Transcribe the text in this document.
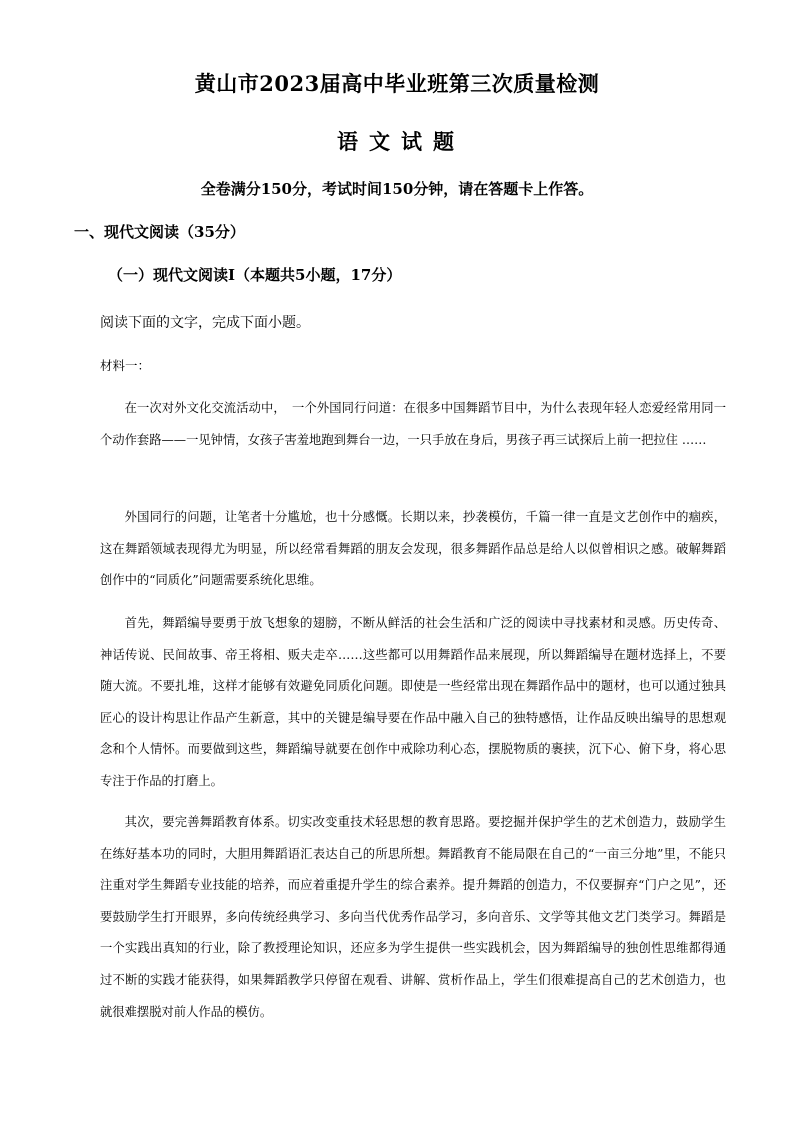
黄山市2023届高中毕业班第三次质量检测
语文试题

全卷满分150分，考试时间150分钟，请在答题卡上作答。

一、现代文阅读（35分）
（一）现代文阅读Ⅰ（本题共5小题，17分）

阅读下面的文字，完成下面小题。

材料一：

在一次对外文化交流活动中，　一个外国同行问道：在很多中国舞蹈节目中，为什么表现年轻人恋爱经常用同一个动作套路——一见钟情，女孩子害羞地跑到舞台一边，一只手放在身后，男孩子再三试探后上前一把拉住 ……

外国同行的问题，让笔者十分尴尬，也十分感慨。长期以来，抄袭模仿，千篇一律一直是文艺创作中的痼疾，这在舞蹈领域表现得尤为明显，所以经常看舞蹈的朋友会发现，很多舞蹈作品总是给人以似曾相识之感。破解舞蹈创作中的“同质化”问题需要系统化思维。

首先，舞蹈编导要勇于放飞想象的翅膀，不断从鲜活的社会生活和广泛的阅读中寻找素材和灵感。历史传奇、神话传说、民间故事、帝王将相、贩夫走卒……这些都可以用舞蹈作品来展现，所以舞蹈编导在题材选择上，不要随大流。不要扎堆，这样才能够有效避免同质化问题。即使是一些经常出现在舞蹈作品中的题材，也可以通过独具匠心的设计构思让作品产生新意，其中的关键是编导要在作品中融入自己的独特感悟，让作品反映出编导的思想观念和个人情怀。而要做到这些，舞蹈编导就要在创作中戒除功利心态，摆脱物质的裹挟，沉下心、俯下身，将心思专注于作品的打磨上。

其次，要完善舞蹈教育体系。切实改变重技术轻思想的教育思路。要挖掘并保护学生的艺术创造力，鼓励学生在练好基本功的同时，大胆用舞蹈语汇表达自己的所思所想。舞蹈教育不能局限在自己的“一亩三分地”里，不能只注重对学生舞蹈专业技能的培养，而应着重提升学生的综合素养。提升舞蹈的创造力，不仅要摒弃“门户之见”，还要鼓励学生打开眼界，多向传统经典学习、多向当代优秀作品学习，多向音乐、文学等其他文艺门类学习。舞蹈是一个实践出真知的行业，除了教授理论知识，还应多为学生提供一些实践机会，因为舞蹈编导的独创性思维都得通过不断的实践才能获得，如果舞蹈教学只停留在观看、讲解、赏析作品上，学生们很难提高自己的艺术创造力，也就很难摆脱对前人作品的模仿。
